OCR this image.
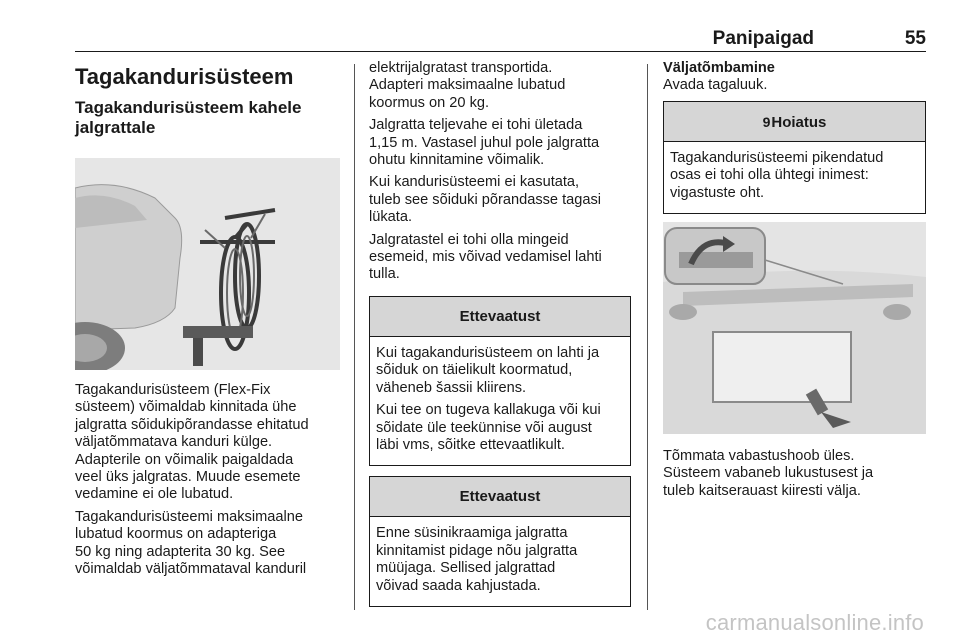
Panipaigad	55
Tagakandurisüsteem
Tagakandurisüsteem kahele
jalgrattale

Tagakandurisüsteem (Flex-Fix
süsteem) võimaldab kinnitada ühe
jalgratta sõidukipõrandasse ehitatud
väljatõmmatava kanduri külge.
Adapterile on võimalik paigaldada
veel üks jalgratas. Muude esemete
vedamine ei ole lubatud.

Tagakandurisüsteemi maksimaalne
lubatud koormus on adapteriga
50 kg ning adapterita 30 kg. See
võimaldab väljatõmmataval kanduril

elektrijalgratast transportida.
Adapteri maksimaalne lubatud
koormus on 20 kg.

Jalgratta teljevahe ei tohi ületada
1,15 m. Vastasel juhul pole jalgratta
ohutu kinnitamine võimalik.

Kui kandurisüsteemi ei kasutata,
tuleb see sõiduki põrandasse tagasi
lükata.

Jalgratastel ei tohi olla mingeid
esemeid, mis võivad vedamisel lahti
tulla.

Ettevaatust

Kui tagakandurisüsteem on lahti ja
sõiduk on täielikult koormatud,
väheneb šassii kliirens.

Kui tee on tugeva kallakuga või kui
sõidate üle teekünnise või august
läbi vms, sõitke ettevaatlikult.

Ettevaatust

Enne süsinikraamiga jalgratta
kinnitamist pidage nõu jalgratta
müüjaga. Sellised jalgrattad
võivad saada kahjustada.

Väljatõmbamine
Avada tagaluuk.
9Hoiatus

Tagakandurisüsteemi pikendatud
osas ei tohi olla ühtegi inimest:
vigastuste oht.

Tõmmata vabastushoob üles.
Süsteem vabaneb lukustusest ja
tuleb kaitserauast kiiresti välja.

carmanualsonline.info
